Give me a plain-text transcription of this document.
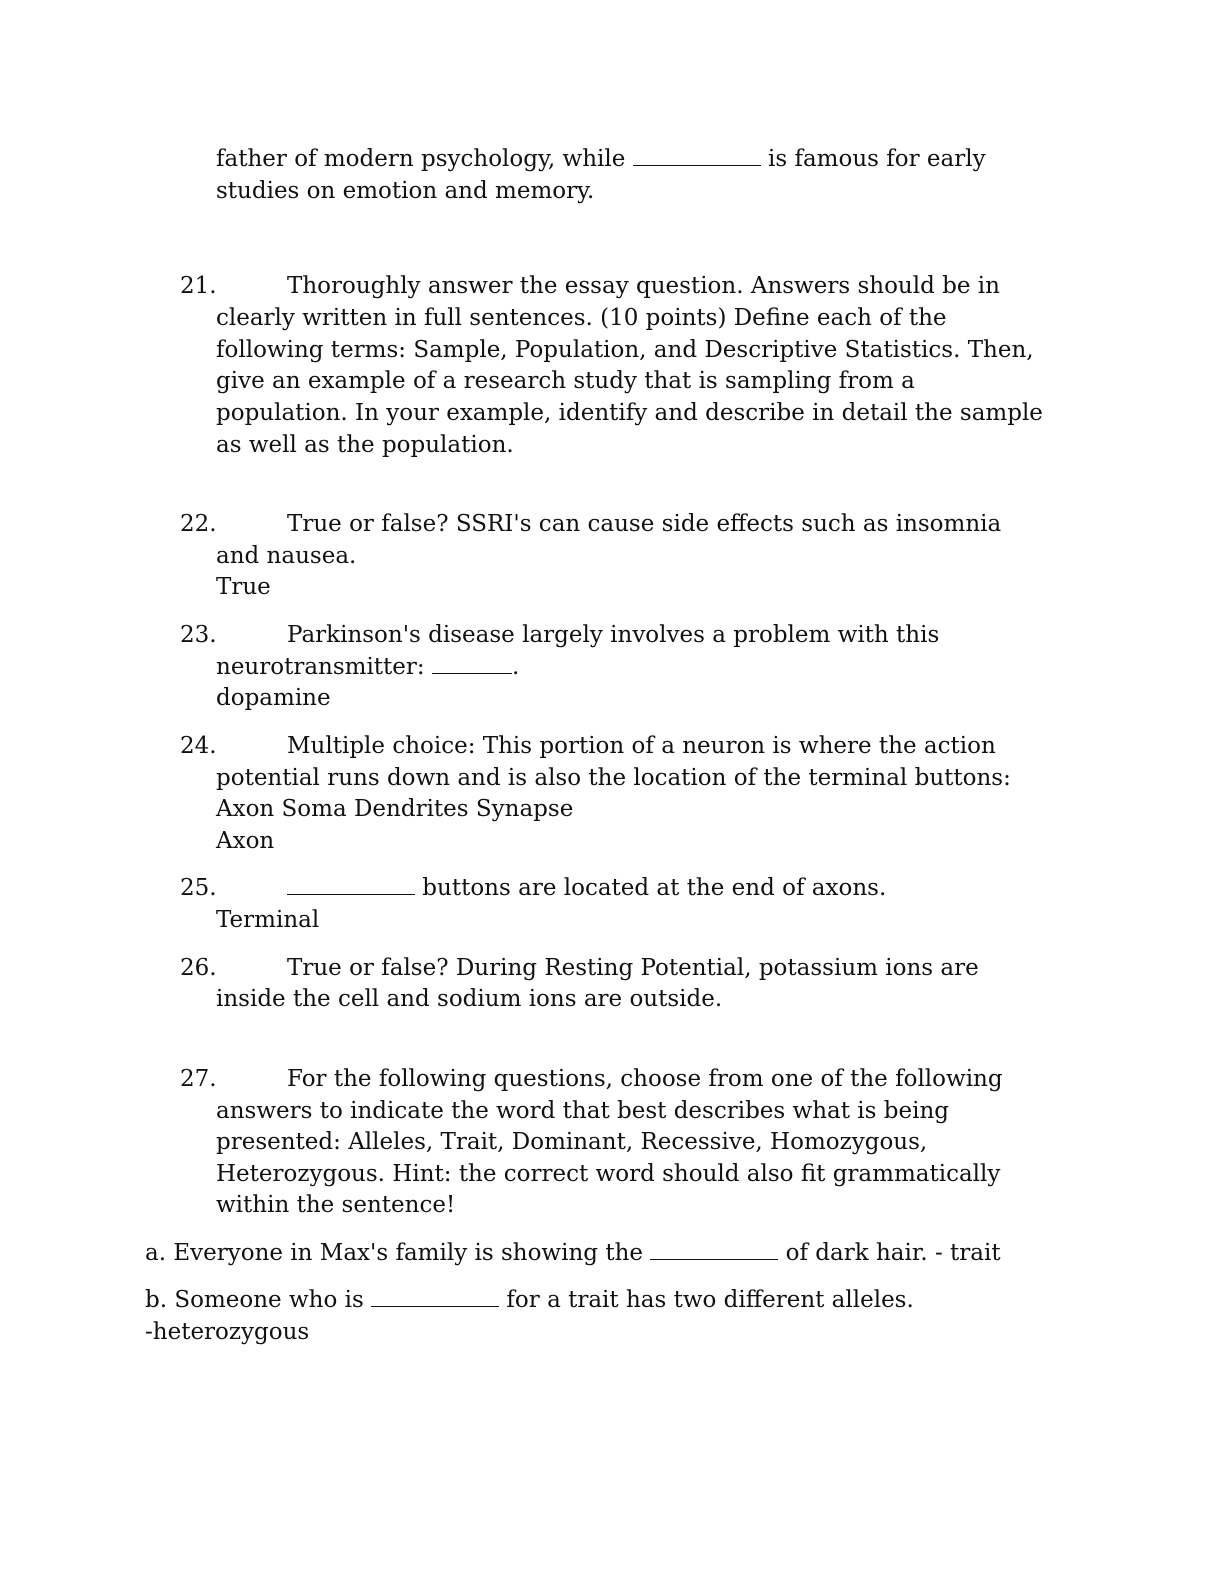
father of modern psychology, while	is famous for early
studies on emotion and memory.
21.	Thoroughly answer the essay question. Answers should be in
clearly written in full sentences. (10 points) Define each of the
following terms: Sample, Population, and Descriptive Statistics. Then,
give an example of a research study that is sampling from a
population. In your example, identify and describe in detail the sample
as well as the population.
22.	True or false? SSRI's can cause side effects such as insomnia
and nausea.
True
23.	Parkinson's disease largely involves a problem with this
neurotransmitter:	.
dopamine
24.	Multiple choice: This portion of a neuron is where the action
potential runs down and is also the location of the terminal buttons:
Axon Soma Dendrites Synapse
Axon
25.	buttons are located at the end of axons.
Terminal
26.	True or false? During Resting Potential, potassium ions are
inside the cell and sodium ions are outside.
27.	For the following questions, choose from one of the following
answers to indicate the word that best describes what is being
presented: Alleles, Trait, Dominant, Recessive, Homozygous,
Heterozygous. Hint: the correct word should also fit grammatically
within the sentence!
a. Everyone in Max's family is showing the	of dark hair. - trait
b. Someone who is	for a trait has two different alleles.
-heterozygous
